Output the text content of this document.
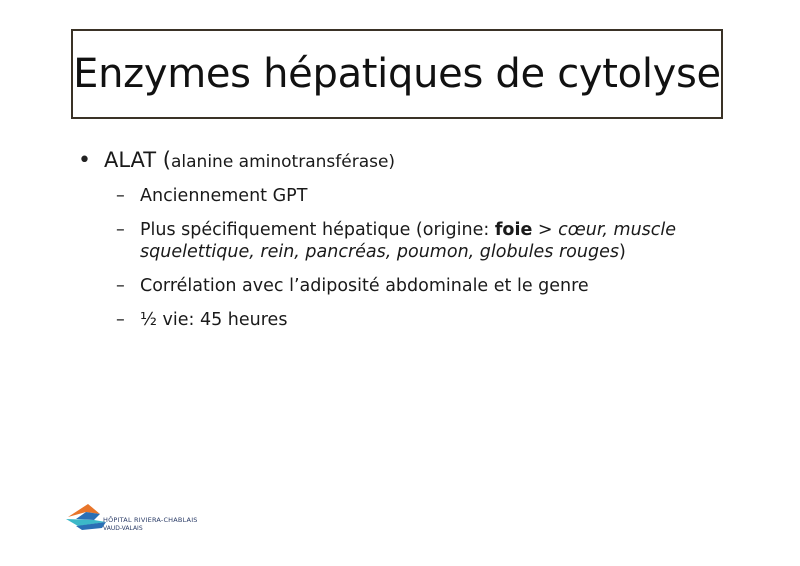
Enzymes hépatiques de cytolyse
• ALAT (alanine aminotransférase)
– Anciennement GPT
– Plus spécifiquement hépatique (origine: foie > cœur, muscle squelettique, rein, pancréas, poumon, globules rouges)
– Corrélation avec l’adiposité abdominale et le genre
– ½ vie: 45 heures
HÔPITAL RIVIERA-CHABLAIS
VAUD-VALAIS
